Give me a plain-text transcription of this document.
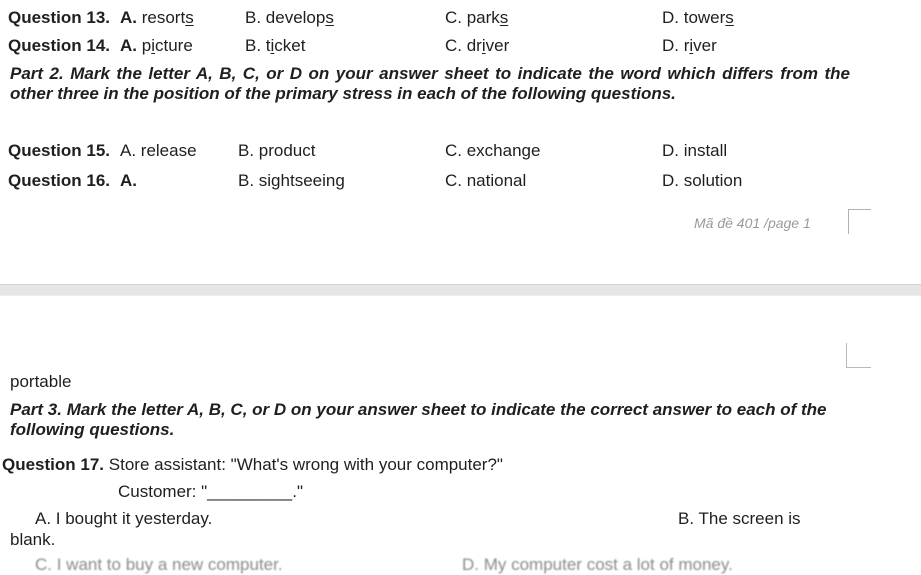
Question 13. A. resorts	B. develops	C. parks	D. towers
Question 14. A. picture	B. ticket	C. driver	D. river
Part 2. Mark the letter A, B, C, or D on your answer sheet to indicate the word which differs from the other three in the position of the primary stress in each of the following questions.
Question 15. A. release B. product	C. exchange	D. install
Question 16. A.	B. sightseeing	C. national	D. solution
Mã đề 401 /page 1
portable
Part 3. Mark the letter A, B, C, or D on your answer sheet to indicate the correct answer to each of the following questions.
Question 17. Store assistant: "What's wrong with your computer?"
Customer: "_________."
A. I bought it yesterday.	B. The screen is
blank.
C. I want to buy a new computer.	D. My computer cost a lot of money.
